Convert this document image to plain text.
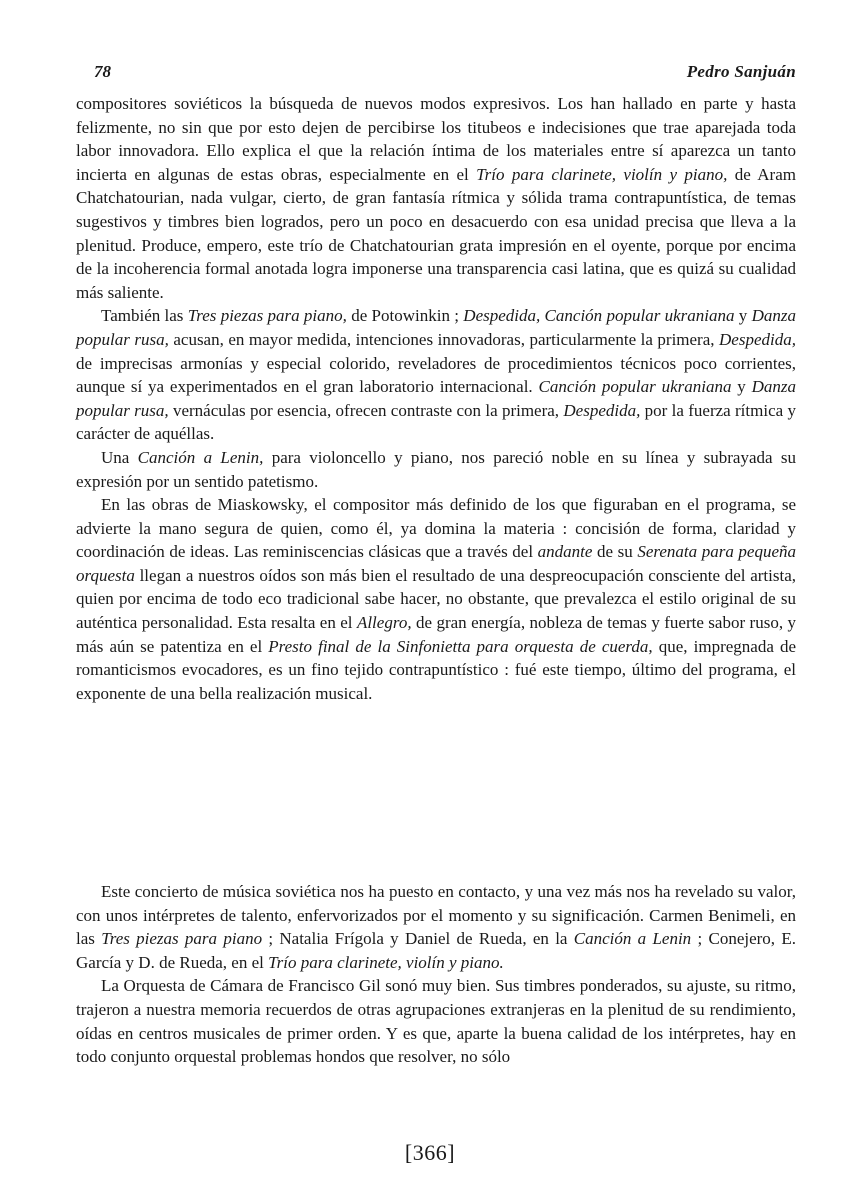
78	Pedro Sanjuán

compositores soviéticos la búsqueda de nuevos modos expresivos. Los han hallado en parte y hasta felizmente, no sin que por esto dejen de percibirse los titubeos e indecisiones que trae aparejada toda labor innovadora. Ello explica el que la relación íntima de los materiales entre sí aparezca un tanto incierta en algunas de estas obras, especialmente en el Trío para clarinete, violín y piano, de Aram Chatchatourian, nada vulgar, cierto, de gran fantasía rítmica y sólida trama contrapuntística, de temas sugestivos y timbres bien logrados, pero un poco en desacuerdo con esa unidad precisa que lleva a la plenitud. Produce, empero, este trío de Chatchatourian grata impresión en el oyente, porque por encima de la incoherencia formal anotada logra imponerse una transparencia casi latina, que es quizá su cualidad más saliente.

También las Tres piezas para piano, de Potowinkin ; Despedida, Canción popular ukraniana y Danza popular rusa, acusan, en mayor medida, intenciones innovadoras, particularmente la primera, Despedida, de imprecisas armonías y especial colorido, reveladores de procedimientos técnicos poco corrientes, aunque sí ya experimentados en el gran laboratorio internacional. Canción popular ukraniana y Danza popular rusa, vernáculas por esencia, ofrecen contraste con la primera, Despedida, por la fuerza rítmica y carácter de aquéllas.

Una Canción a Lenin, para violoncello y piano, nos pareció noble en su línea y subrayada su expresión por un sentido patetismo.

En las obras de Miaskowsky, el compositor más definido de los que figuraban en el programa, se advierte la mano segura de quien, como él, ya domina la materia : concisión de forma, claridad y coordinación de ideas. Las reminiscencias clásicas que a través del andante de su Serenata para pequeña orquesta llegan a nuestros oídos son más bien el resultado de una despreocupación consciente del artista, quien por encima de todo eco tradicional sabe hacer, no obstante, que prevalezca el estilo original de su auténtica personalidad. Esta resalta en el Allegro, de gran energía, nobleza de temas y fuerte sabor ruso, y más aún se patentiza en el Presto final de la Sinfonietta para orquesta de cuerda, que, impregnada de romanticismos evocadores, es un fino tejido contrapuntístico : fué este tiempo, último del programa, el exponente de una bella realización musical.

Este concierto de música soviética nos ha puesto en contacto, y una vez más nos ha revelado su valor, con unos intérpretes de talento, enfervorizados por el momento y su significación. Carmen Benimeli, en las Tres piezas para piano ; Natalia Frígola y Daniel de Rueda, en la Canción a Lenin ; Conejero, E. García y D. de Rueda, en el Trío para clarinete, violín y piano.

La Orquesta de Cámara de Francisco Gil sonó muy bien. Sus timbres ponderados, su ajuste, su ritmo, trajeron a nuestra memoria recuerdos de otras agrupaciones extranjeras en la plenitud de su rendimiento, oídas en centros musicales de primer orden. Y es que, aparte la buena calidad de los intérpretes, hay en todo conjunto orquestal problemas hondos que resolver, no sólo

[366]
